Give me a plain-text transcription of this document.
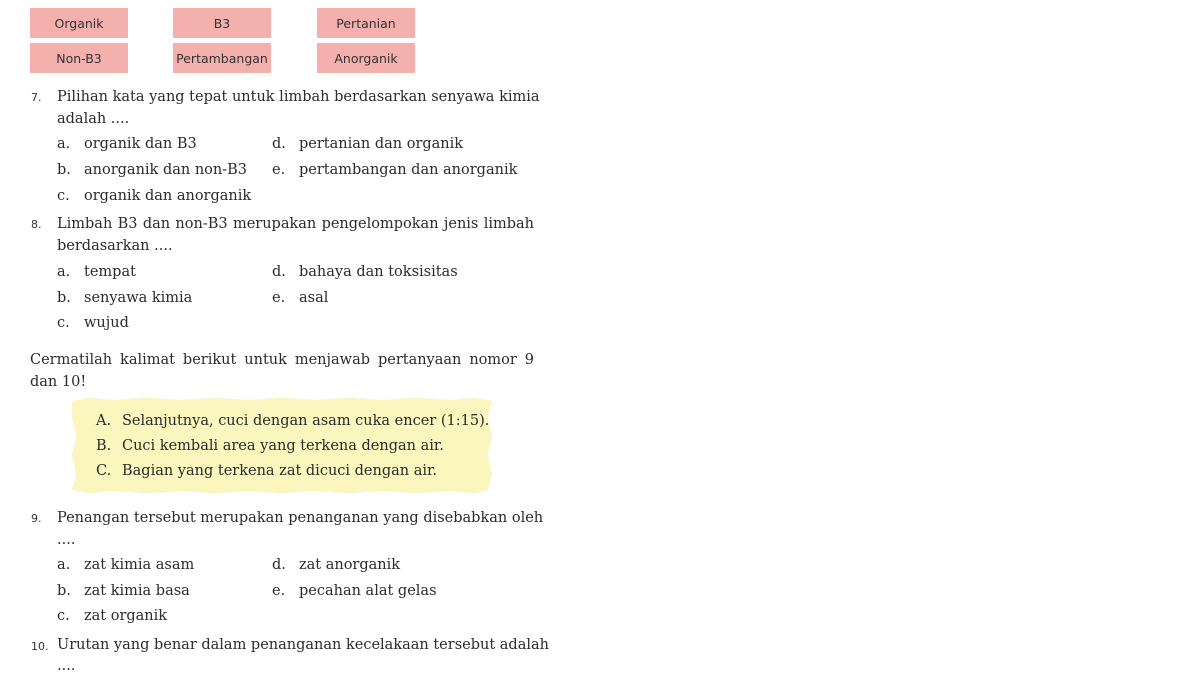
Organik	B3	Pertanian
Non-B3	Pertambangan	Anorganik
7. Pilihan kata yang tepat untuk limbah berdasarkan senyawa kimia
adalah ....
a. organik dan B3
b. anorganik dan non-B3
c. organik dan anorganik
d. pertanian dan organik
e. pertambangan dan anorganik
8. Limbah B3 dan non-B3 merupakan pengelompokan jenis limbah
berdasarkan ....
a. tempat
b. senyawa kimia
c. wujud
d. bahaya dan toksisitas
e. asal
Cermatilah kalimat berikut untuk menjawab pertanyaan nomor 9
dan 10!
A. Selanjutnya, cuci dengan asam cuka encer (1:15).
B. Cuci kembali area yang terkena dengan air.
C. Bagian yang terkena zat dicuci dengan air.
9. Penangan tersebut merupakan penanganan yang disebabkan oleh
....
a. zat kimia asam
b. zat kimia basa
c. zat organik
d. zat anorganik
e. pecahan alat gelas
10. Urutan yang benar dalam penanganan kecelakaan tersebut adalah
....
